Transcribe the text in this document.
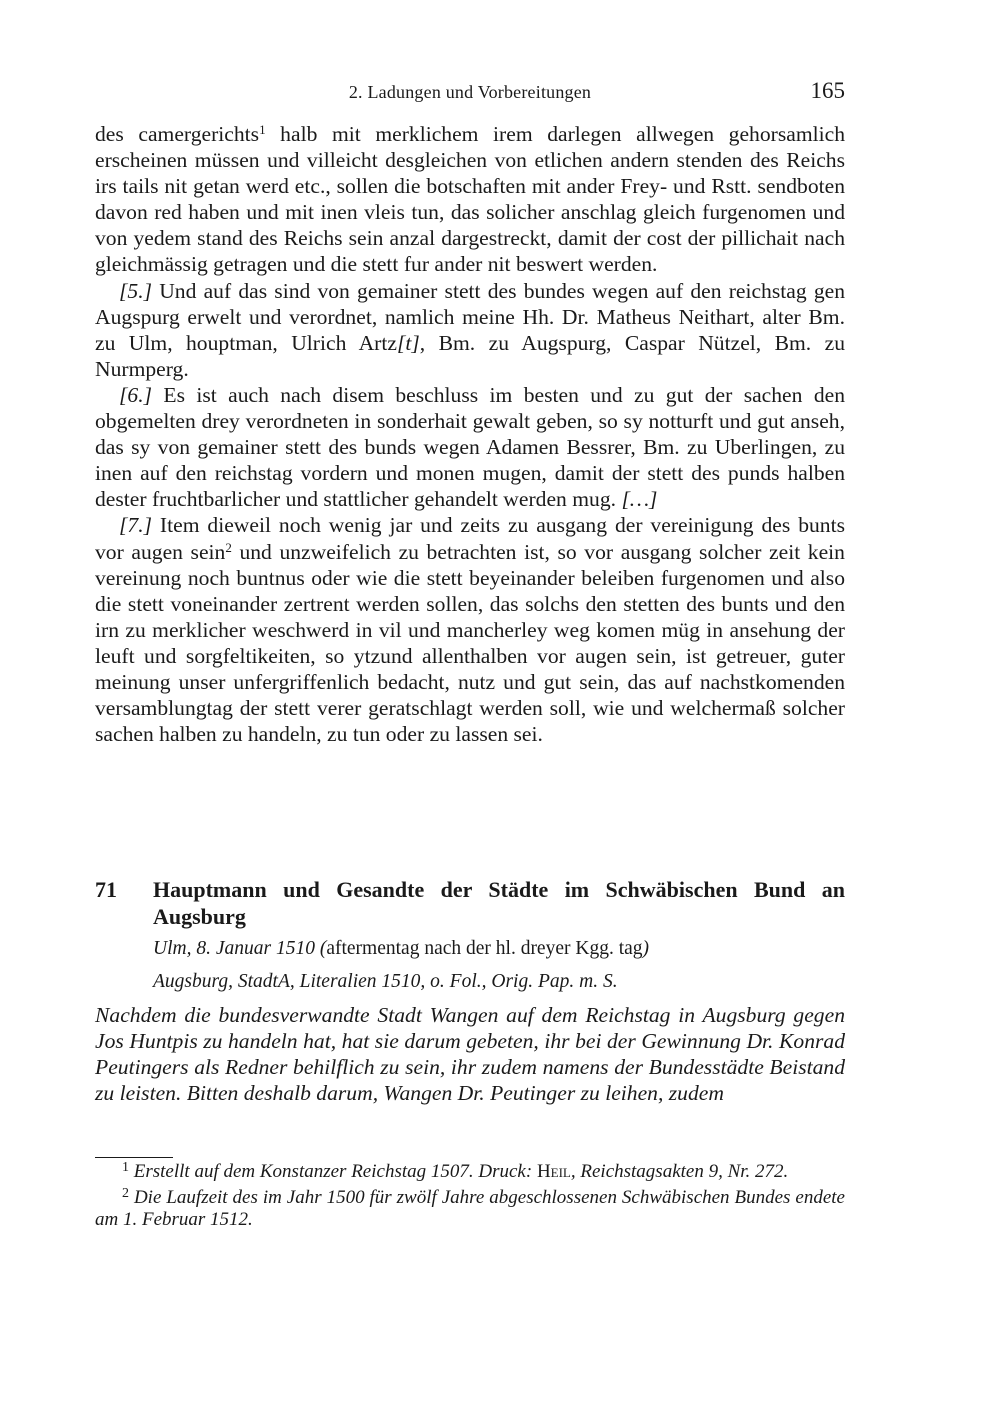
2. Ladungen und Vorbereitungen	165

des camergerichts$^1$ halb mit merklichem irem darlegen allwegen gehorsamlich erscheinen müssen und villeicht desgleichen von etlichen andern stenden des Reichs irs tails nit getan werd etc., sollen die botschaften mit ander Frey- und Rstt. sendboten davon red haben und mit inen vleis tun, das solicher anschlag gleich furgenomen und von yedem stand des Reichs sein anzal dargestreckt, damit der cost der pillichait nach gleichmässig getragen und die stett fur ander nit beswert werden.

[5.] Und auf das sind von gemainer stett des bundes wegen auf den reichstag gen Augspurg erwelt und verordnet, namlich meine Hh. Dr. Matheus Neithart, alter Bm. zu Ulm, houptman, Ulrich Artz[t], Bm. zu Augspurg, Caspar Nützel, Bm. zu Nurmperg.

[6.] Es ist auch nach disem beschluss im besten und zu gut der sachen den obgemelten drey verordneten in sonderhait gewalt geben, so sy notturft und gut anseh, das sy von gemainer stett des bunds wegen Adamen Bessrer, Bm. zu Uberlingen, zu inen auf den reichstag vordern und monen mugen, damit der stett des punds halben dester fruchtbarlicher und stattlicher gehandelt werden mug. […]

[7.] Item dieweil noch wenig jar und zeits zu ausgang der vereinigung des bunts vor augen sein$^2$ und unzweifelich zu betrachten ist, so vor ausgang solcher zeit kein vereinung noch buntnus oder wie die stett beyeinander beleiben furgenomen und also die stett voneinander zertrent werden sollen, das solchs den stetten des bunts und den irn zu merklicher weschwerd in vil und mancherley weg komen müg in ansehung der leuft und sorgfeltikeiten, so ytzund allenthalben vor augen sein, ist getreuer, guter meinung unser unfergriffenlich bedacht, nutz und gut sein, das auf nachstkomenden versamblungtag der stett verer geratschlagt werden soll, wie und welchermaß solcher sachen halben zu handeln, zu tun oder zu lassen sei.

71 Hauptmann und Gesandte der Städte im Schwäbischen Bund an Augsburg
Ulm, 8. Januar 1510 (aftermentag nach der hl. dreyer Kgg. tag)
Augsburg, StadtA, Literalien 1510, o. Fol., Orig. Pap. m. S.
Nachdem die bundesverwandte Stadt Wangen auf dem Reichstag in Augsburg gegen Jos Huntpis zu handeln hat, hat sie darum gebeten, ihr bei der Gewinnung Dr. Konrad Peutingers als Redner behilflich zu sein, ihr zudem namens der Bundesstädte Beistand zu leisten. Bitten deshalb darum, Wangen Dr. Peutinger zu leihen, zudem

$^1$ Erstellt auf dem Konstanzer Reichstag 1507. Druck: Heil, Reichstagsakten 9, Nr. 272.

$^2$ Die Laufzeit des im Jahr 1500 für zwölf Jahre abgeschlossenen Schwäbischen Bundes endete am 1. Februar 1512.
